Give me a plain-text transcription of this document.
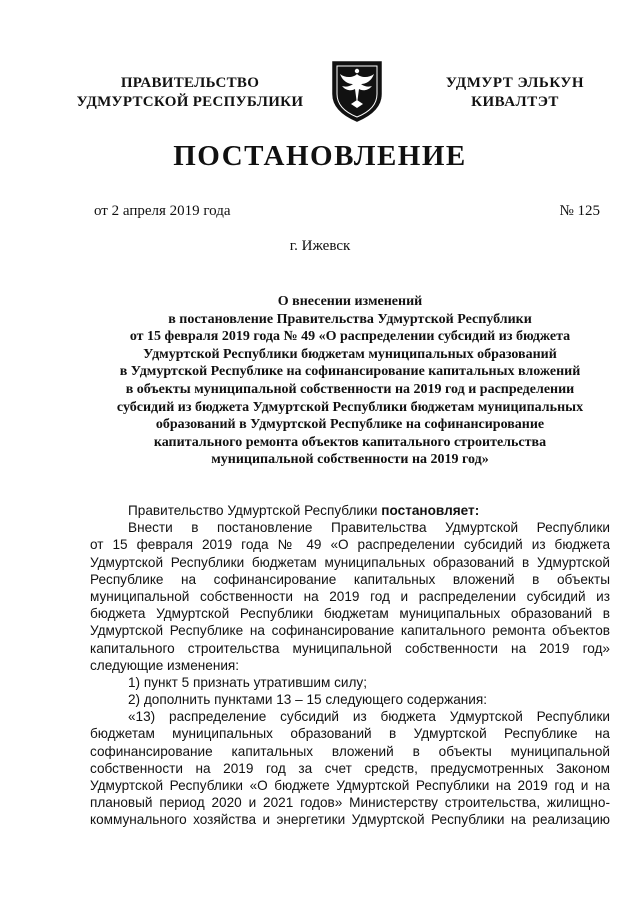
ПРАВИТЕЛЬСТВО
УДМУРТСКОЙ РЕСПУБЛИКИ
УДМУРТ ЭЛЬКУН
КИВАЛТЭТ
ПОСТАНОВЛЕНИЕ
от 2 апреля 2019 года	№ 125
г. Ижевск
О внесении изменений
в постановление Правительства Удмуртской Республики
от 15 февраля 2019 года № 49 «О распределении субсидий из бюджета
Удмуртской Республики бюджетам муниципальных образований
в Удмуртской Республике на софинансирование капитальных вложений
в объекты муниципальной собственности на 2019 год и распределении
субсидий из бюджета Удмуртской Республики бюджетам муниципальных
образований в Удмуртской Республике на софинансирование
капитального ремонта объектов капитального строительства
муниципальной собственности на 2019 год»
Правительство Удмуртской Республики постановляет:
Внести в постановление Правительства Удмуртской Республики
от 15 февраля 2019 года № 49 «О распределении субсидий из бюджета
Удмуртской Республики бюджетам муниципальных образований в Удмуртской
Республике на софинансирование капитальных вложений в объекты
муниципальной собственности на 2019 год и распределении субсидий из
бюджета Удмуртской Республики бюджетам муниципальных образований в
Удмуртской Республике на софинансирование капитального ремонта объектов
капитального строительства муниципальной собственности на 2019 год»
следующие изменения:
1) пункт 5 признать утратившим силу;
2) дополнить пунктами 13 – 15 следующего содержания:
«13) распределение субсидий из бюджета Удмуртской Республики
бюджетам муниципальных образований в Удмуртской Республике на
софинансирование капитальных вложений в объекты муниципальной
собственности на 2019 год за счет средств, предусмотренных Законом
Удмуртской Республики «О бюджете Удмуртской Республики на 2019 год и на
плановый период 2020 и 2021 годов» Министерству строительства, жилищно-
коммунального хозяйства и энергетики Удмуртской Республики на реализацию
